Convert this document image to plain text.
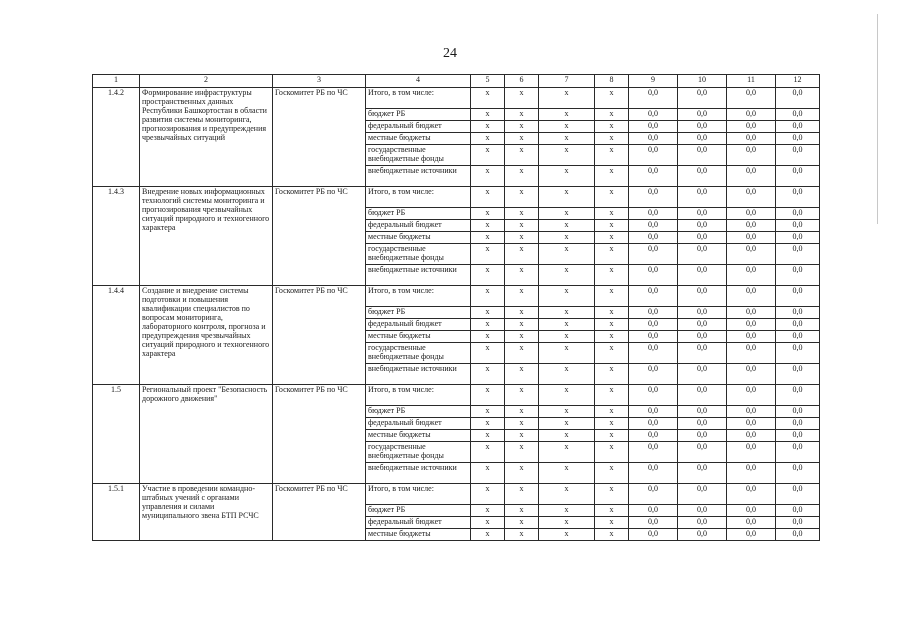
24
1	2	3	4	5	6	7	8	9	10	11	12
1.4.2	Формирование инфраструктуры пространственных данных Республики Башкортостан в области развития системы мониторинга, прогнозирования и предупреждения чрезвычайных ситуаций	Госкомитет РБ по ЧС	Итого, в том числе:	x	x	x	x	0,0	0,0	0,0	0,0
			бюджет РБ	x	x	x	x	0,0	0,0	0,0	0,0
			федеральный бюджет	x	x	x	x	0,0	0,0	0,0	0,0
			местные бюджеты	x	x	x	x	0,0	0,0	0,0	0,0
			государственные внебюджетные фонды	x	x	x	x	0,0	0,0	0,0	0,0
			внебюджетные источники	x	x	x	x	0,0	0,0	0,0	0,0
1.4.3	Внедрение новых информационных технологий системы мониторинга и прогнозирования чрезвычайных ситуаций природного и техногенного характера	Госкомитет РБ по ЧС	Итого, в том числе:	x	x	x	x	0,0	0,0	0,0	0,0
			бюджет РБ	x	x	x	x	0,0	0,0	0,0	0,0
			федеральный бюджет	x	x	x	x	0,0	0,0	0,0	0,0
			местные бюджеты	x	x	x	x	0,0	0,0	0,0	0,0
			государственные внебюджетные фонды	x	x	x	x	0,0	0,0	0,0	0,0
			внебюджетные источники	x	x	x	x	0,0	0,0	0,0	0,0
1.4.4	Создание и внедрение системы подготовки и повышения квалификации специалистов по вопросам мониторинга, лабораторного контроля, прогноза и предупреждения чрезвычайных ситуаций природного и техногенного характера	Госкомитет РБ по ЧС	Итого, в том числе:	x	x	x	x	0,0	0,0	0,0	0,0
			бюджет РБ	x	x	x	x	0,0	0,0	0,0	0,0
			федеральный бюджет	x	x	x	x	0,0	0,0	0,0	0,0
			местные бюджеты	x	x	x	x	0,0	0,0	0,0	0,0
			государственные внебюджетные фонды	x	x	x	x	0,0	0,0	0,0	0,0
			внебюджетные источники	x	x	x	x	0,0	0,0	0,0	0,0
1.5	Региональный проект "Безопасность дорожного движения"	Госкомитет РБ по ЧС	Итого, в том числе:	x	x	x	x	0,0	0,0	0,0	0,0
			бюджет РБ	x	x	x	x	0,0	0,0	0,0	0,0
			федеральный бюджет	x	x	x	x	0,0	0,0	0,0	0,0
			местные бюджеты	x	x	x	x	0,0	0,0	0,0	0,0
			государственные внебюджетные фонды	x	x	x	x	0,0	0,0	0,0	0,0
			внебюджетные источники	x	x	x	x	0,0	0,0	0,0	0,0
1.5.1	Участие в проведении командно-штабных учений с органами управления и силами муниципального звена БТП РСЧС	Госкомитет РБ по ЧС	Итого, в том числе:	x	x	x	x	0,0	0,0	0,0	0,0
			бюджет РБ	x	x	x	x	0,0	0,0	0,0	0,0
			федеральный бюджет	x	x	x	x	0,0	0,0	0,0	0,0
			местные бюджеты	x	x	x	x	0,0	0,0	0,0	0,0
